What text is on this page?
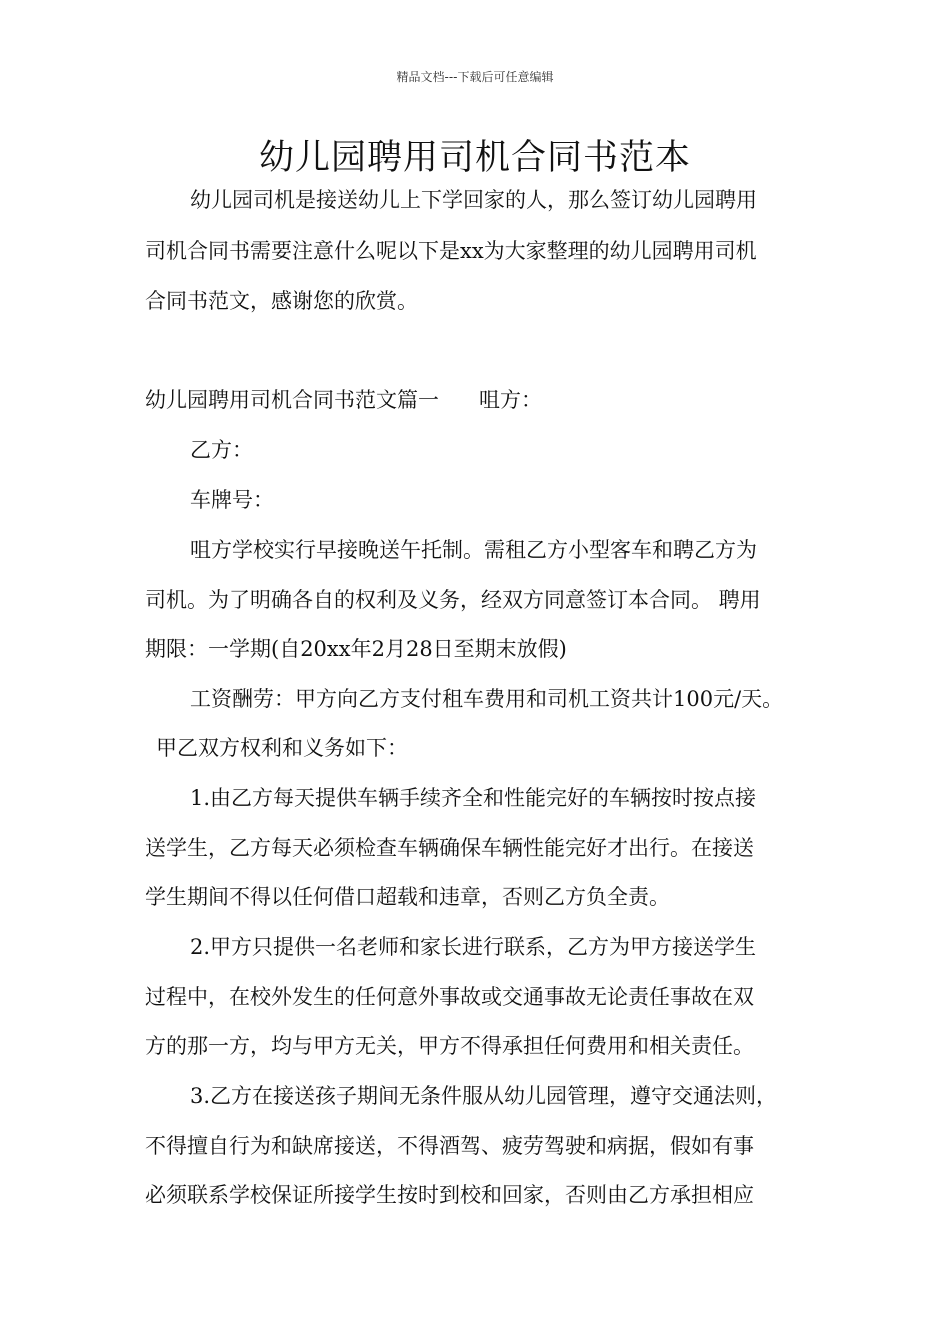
精品文档---下载后可任意编辑
幼儿园聘用司机合同书范本
幼儿园司机是接送幼儿上下学回家的人，那么签订幼儿园聘用
司机合同书需要注意什么呢以下是xx为大家整理的幼儿园聘用司机
合同书范文，感谢您的欣赏。
幼儿园聘用司机合同书范文篇一      咀方：
乙方：
车牌号：
咀方学校实行早接晚送午托制。需租乙方小型客车和聘乙方为
司机。为了明确各自的权利及义务，经双方同意签订本合同。 聘用
期限：一学期(自20xx年2月28日至期末放假)
工资酬劳：甲方向乙方支付租车费用和司机工资共计100元/天。
甲乙双方权利和义务如下：
1.由乙方每天提供车辆手续齐全和性能完好的车辆按时按点接
送学生，乙方每天必须检查车辆确保车辆性能完好才出行。在接送
学生期间不得以任何借口超载和违章，否则乙方负全责。
2.甲方只提供一名老师和家长进行联系，乙方为甲方接送学生
过程中，在校外发生的任何意外事故或交通事故无论责任事故在双
方的那一方，均与甲方无关，甲方不得承担任何费用和相关责任。
3.乙方在接送孩子期间无条件服从幼儿园管理，遵守交通法则，
不得擅自行为和缺席接送，不得酒驾、疲劳驾驶和病据，假如有事
必须联系学校保证所接学生按时到校和回家，否则由乙方承担相应
